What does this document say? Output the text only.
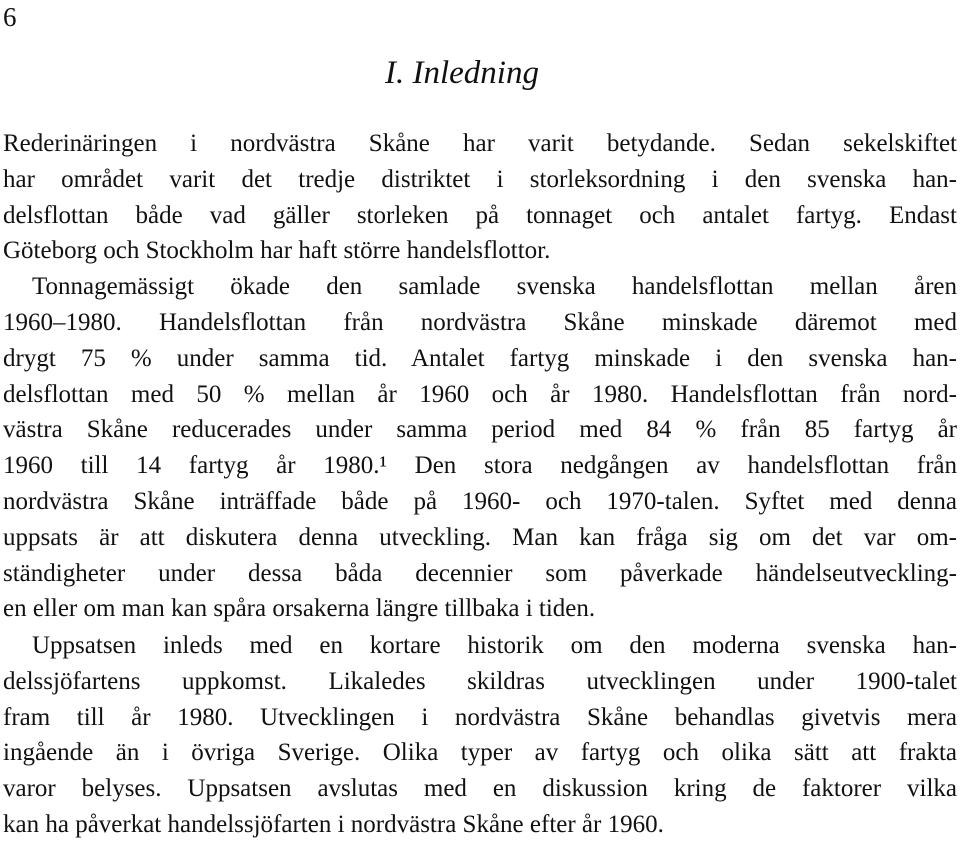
6
I. Inledning
Rederinäringen i nordvästra Skåne har varit betydande. Sedan sekelskiftet
har området varit det tredje distriktet i storleksordning i den svenska han-
delsflottan både vad gäller storleken på tonnaget och antalet fartyg. Endast
Göteborg och Stockholm har haft större handelsflottor.
Tonnagemässigt ökade den samlade svenska handelsflottan mellan åren
1960–1980. Handelsflottan från nordvästra Skåne minskade däremot med
drygt 75 % under samma tid. Antalet fartyg minskade i den svenska han-
delsflottan med 50 % mellan år 1960 och år 1980. Handelsflottan från nord-
västra Skåne reducerades under samma period med 84 % från 85 fartyg år
1960 till 14 fartyg år 1980.¹ Den stora nedgången av handelsflottan från
nordvästra Skåne inträffade både på 1960- och 1970-talen. Syftet med denna
uppsats är att diskutera denna utveckling. Man kan fråga sig om det var om-
ständigheter under dessa båda decennier som påverkade händelseutveckling-
en eller om man kan spåra orsakerna längre tillbaka i tiden.
Uppsatsen inleds med en kortare historik om den moderna svenska han-
delssjöfartens uppkomst. Likaledes skildras utvecklingen under 1900-talet
fram till år 1980. Utvecklingen i nordvästra Skåne behandlas givetvis mera
ingående än i övriga Sverige. Olika typer av fartyg och olika sätt att frakta
varor belyses. Uppsatsen avslutas med en diskussion kring de faktorer vilka
kan ha påverkat handelssjöfarten i nordvästra Skåne efter år 1960.
